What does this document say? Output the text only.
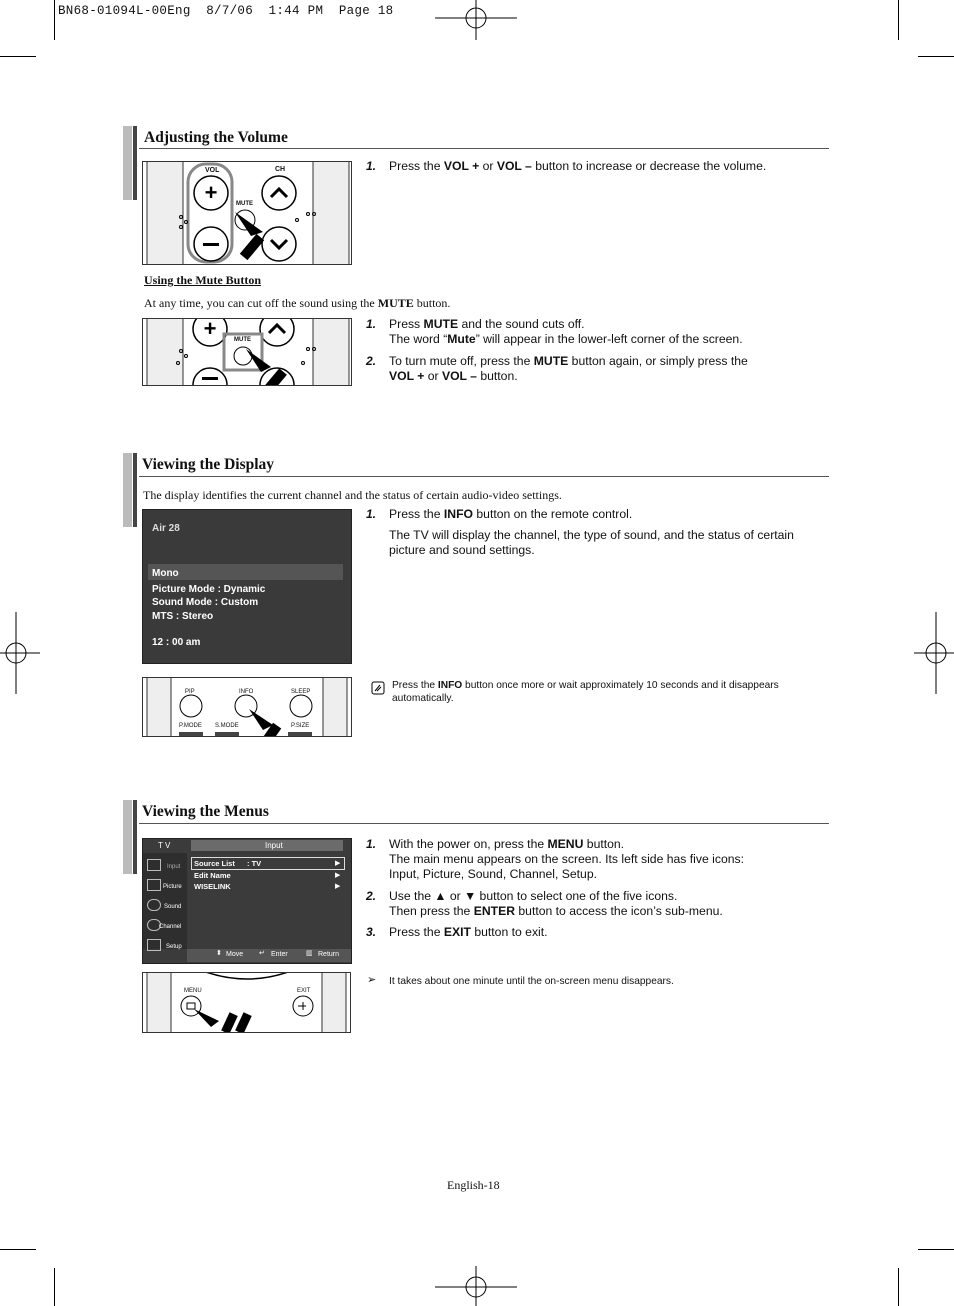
BN68-01094L-00Eng  8/7/06  1:44 PM  Page 18
Adjusting the Volume
+
VOL	CH
MUTE
1. Press the VOL + or VOL – button to increase or decrease the volume.
Using the Mute Button
At any time, you can cut off the sound using the MUTE button.
+	MUTE
1. Press MUTE and the sound cuts off.
The word “Mute” will appear in the lower-left corner of the screen.
2. To turn mute off, press the MUTE button again, or simply press the
VOL + or VOL – button.
Viewing the Display
The display identifies the current channel and the status of certain audio-video settings.
Air 28
Mono
Picture Mode : Dynamic
Sound Mode : Custom
MTS : Stereo
12 : 00 am
1. Press the INFO button on the remote control.
The TV will display the channel, the type of sound, and the status of certain picture and sound settings.
PIP	INFO	SLEEP
P.MODE S.MODE	P.SIZE
Press the INFO button once more or wait approximately 10 seconds and it disappears automatically.
Viewing the Menus
T V	Input
Input
Picture
Sound
Channel
Setup
Source List : TV	▶
Edit Name	▶
WISELINK	▶
⬍ Move ↵ Enter	▥ Return
1. With the power on, press the MENU button.
The main menu appears on the screen. Its left side has five icons:
Input, Picture, Sound, Channel, Setup.
2. Use the ▲ or ▼ button to select one of the five icons.
Then press the ENTER button to access the icon’s sub-menu.
3. Press the EXIT button to exit.
MENU	EXIT
➢ It takes about one minute until the on-screen menu disappears.
English-18
